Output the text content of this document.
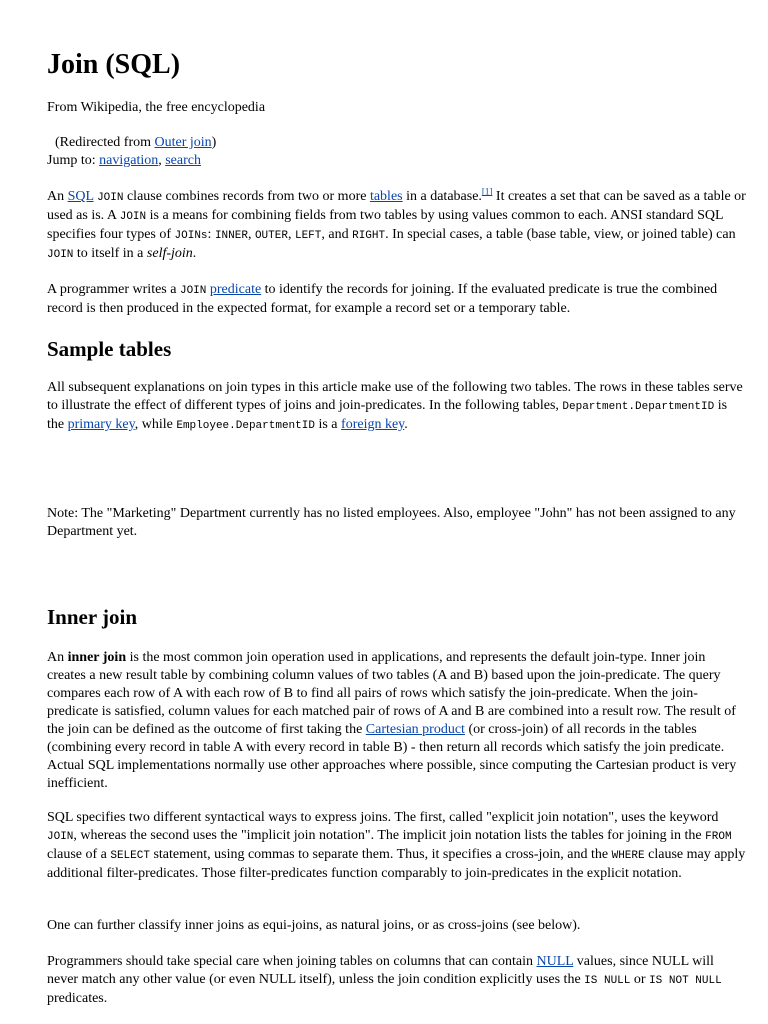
Join (SQL)

From Wikipedia, the free encyclopedia

(Redirected from Outer join)

Jump to: navigation, search

An SQL JOIN clause combines records from two or more tables in a database.[1] It creates a set that can be saved as a table or used as is. A JOIN is a means for combining fields from two tables by using values common to each. ANSI standard SQL specifies four types of JOINs: INNER, OUTER, LEFT, and RIGHT. In special cases, a table (base table, view, or joined table) can JOIN to itself in a self-join.

A programmer writes a JOIN predicate to identify the records for joining. If the evaluated predicate is true the combined record is then produced in the expected format, for example a record set or a temporary table.

Sample tables

All subsequent explanations on join types in this article make use of the following two tables. The rows in these tables serve to illustrate the effect of different types of joins and join-predicates. In the following tables, Department.DepartmentID is the primary key, while Employee.DepartmentID is a foreign key.

Note: The "Marketing" Department currently has no listed employees. Also, employee "John" has not been assigned to any Department yet.

Inner join

An inner join is the most common join operation used in applications, and represents the default join-type. Inner join creates a new result table by combining column values of two tables (A and B) based upon the join-predicate. The query compares each row of A with each row of B to find all pairs of rows which satisfy the join-predicate. When the join-predicate is satisfied, column values for each matched pair of rows of A and B are combined into a result row. The result of the join can be defined as the outcome of first taking the Cartesian product (or cross-join) of all records in the tables (combining every record in table A with every record in table B) - then return all records which satisfy the join predicate. Actual SQL implementations normally use other approaches where possible, since computing the Cartesian product is very inefficient.

SQL specifies two different syntactical ways to express joins. The first, called "explicit join notation", uses the keyword JOIN, whereas the second uses the "implicit join notation". The implicit join notation lists the tables for joining in the FROM clause of a SELECT statement, using commas to separate them. Thus, it specifies a cross-join, and the WHERE clause may apply additional filter-predicates. Those filter-predicates function comparably to join-predicates in the explicit notation.

One can further classify inner joins as equi-joins, as natural joins, or as cross-joins (see below).

Programmers should take special care when joining tables on columns that can contain NULL values, since NULL will never match any other value (or even NULL itself), unless the join condition explicitly uses the IS NULL or IS NOT NULL predicates.
